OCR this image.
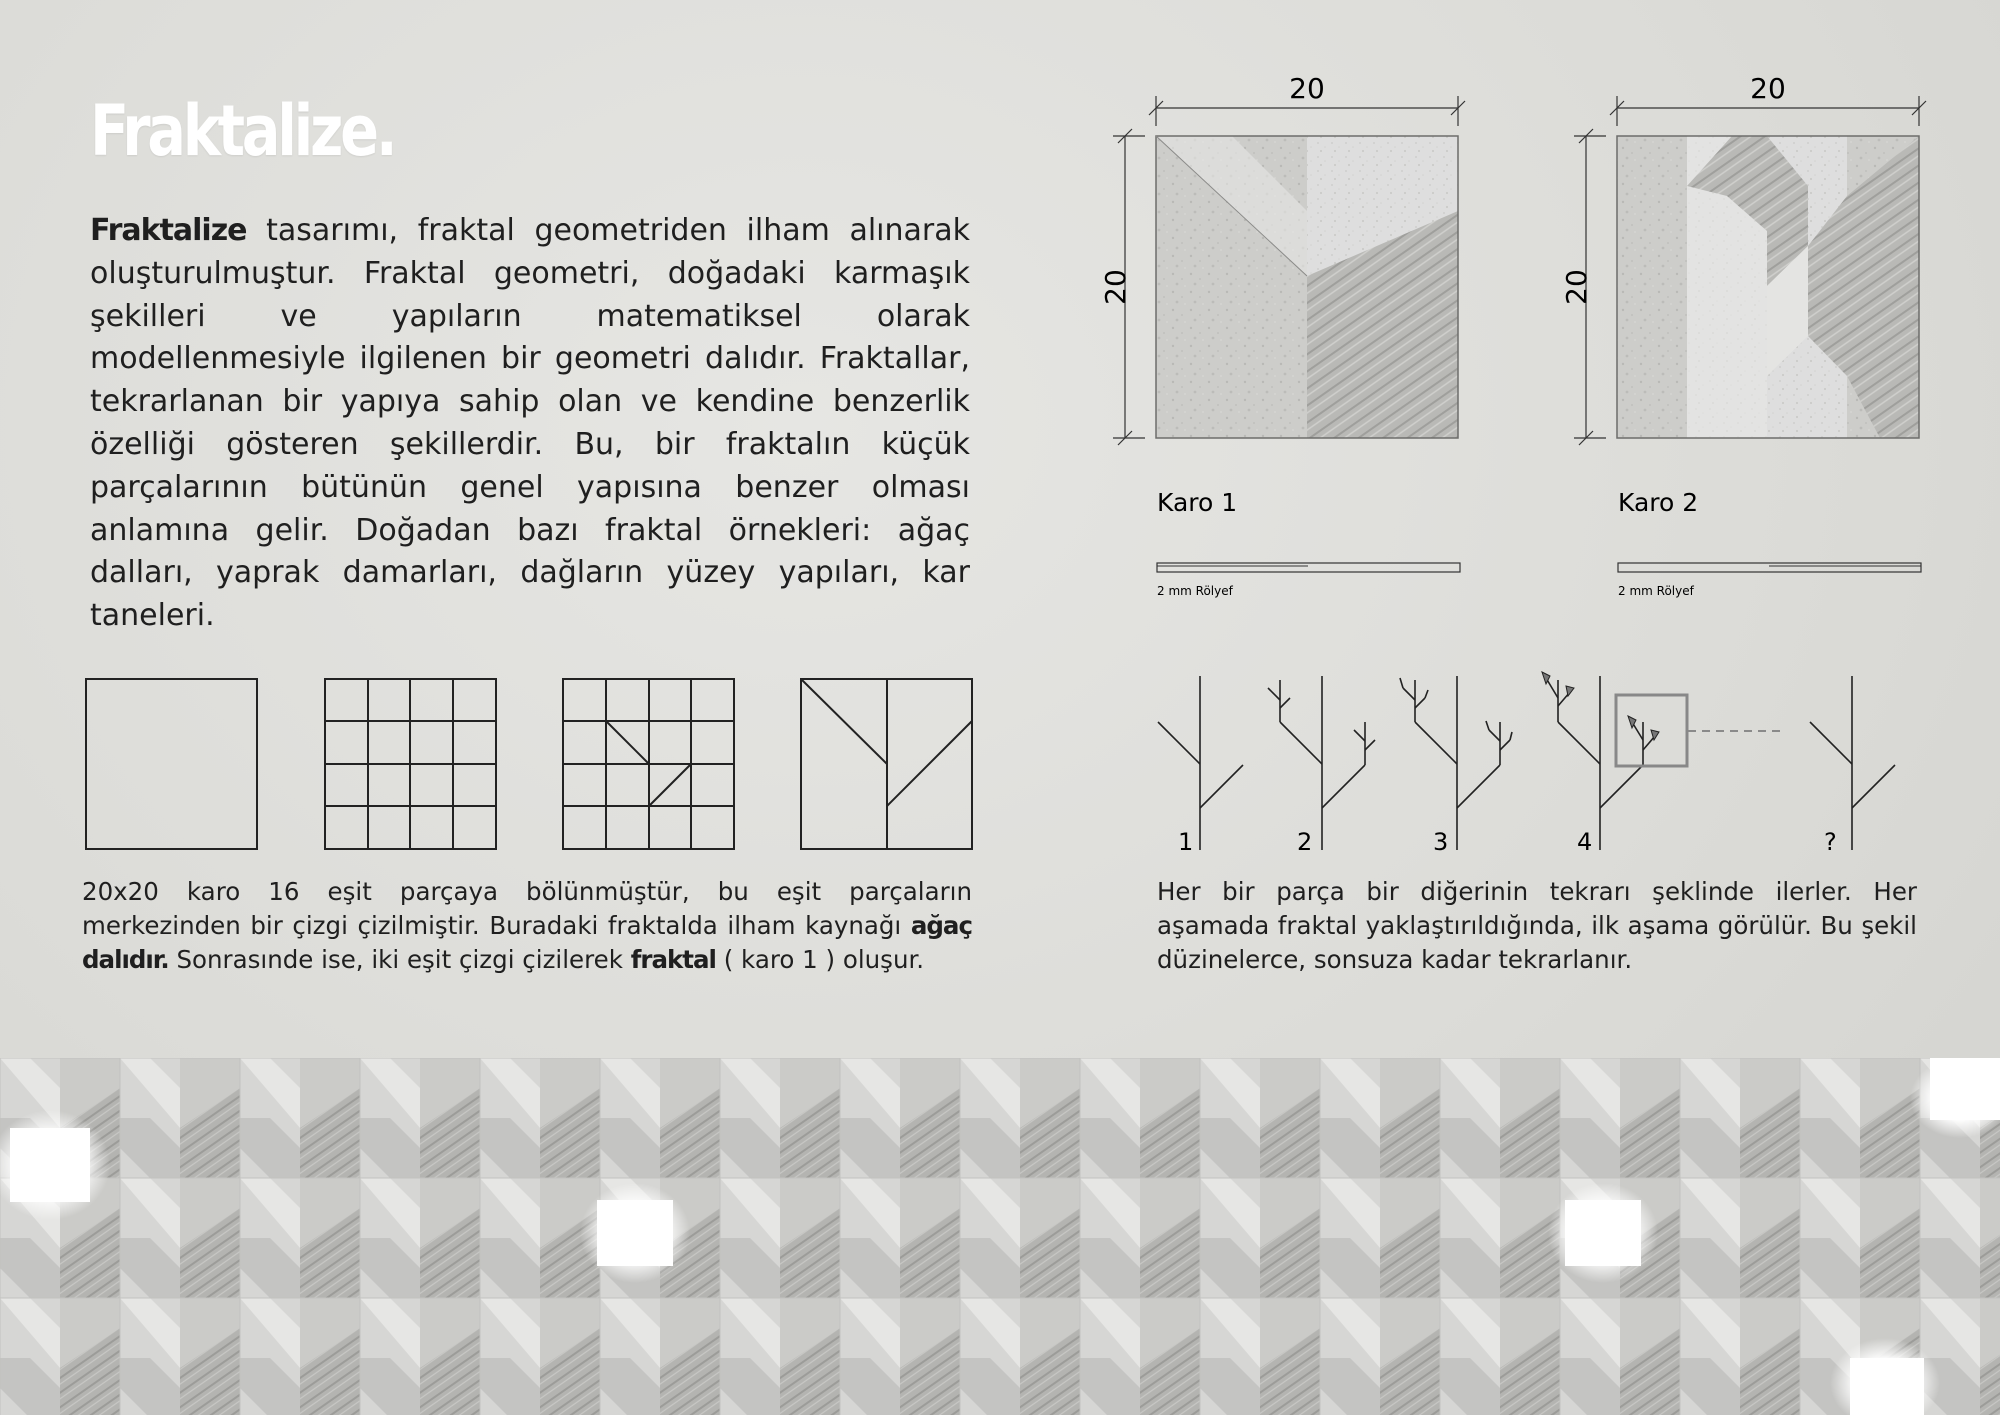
Fraktalize.

Fraktalize tasarımı, fraktal geometriden ilham alınarak oluşturulmuştur. Fraktal geometri, doğadaki karmaşık şekilleri ve yapıların matematiksel olarak modellenmesiyle ilgilenen bir geometri dalıdır. Fraktallar, tekrarlanan bir yapıya sahip olan ve kendine benzerlik özelliği gösteren şekillerdir. Bu, bir fraktalın küçük parçalarının bütünün genel yapısına benzer olması anlamına gelir. Doğadan bazı fraktal örnekleri: ağaç dalları, yaprak damarları, dağların yüzey yapıları, kar taneleri.

20
20
Karo 1
2 mm Rölyef
20
20
Karo 2
2 mm Rölyef
1	2	3	4	?

20x20 karo 16 eşit parçaya bölünmüştür, bu eşit parçaların merkezinden bir çizgi çizilmiştir. Buradaki fraktalda ilham kaynağı ağaç dalıdır. Sonrasınde ise, iki eşit çizgi çizilerek fraktal ( karo 1 ) oluşur.

Her bir parça bir diğerinin tekrarı şeklinde ilerler. Her aşamada fraktal yaklaştırıldığında, ilk aşama görülür. Bu şekil düzinelerce, sonsuza kadar tekrarlanır.
